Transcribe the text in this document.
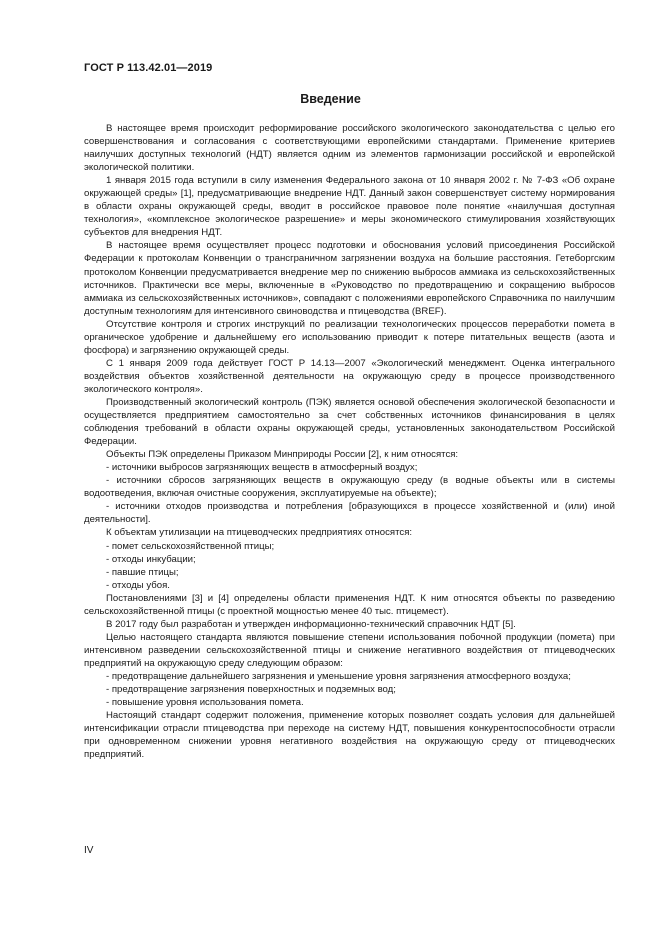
ГОСТ Р 113.42.01—2019
Введение

В настоящее время происходит реформирование российского экологического законодательства с целью его совершенствования и согласования с соответствующими европейскими стандартами. Применение критериев наилучших доступных технологий (НДТ) является одним из элементов гармонизации российской и европейской экологической политики.

1 января 2015 года вступили в силу изменения Федерального закона от 10 января 2002 г. № 7-ФЗ «Об охране окружающей среды» [1], предусматривающие внедрение НДТ. Данный закон совершенствует систему нормирования в области охраны окружающей среды, вводит в российское правовое поле понятие «наилучшая доступная технология», «комплексное экологическое разрешение» и меры экономического стимулирования хозяйствующих субъектов для внедрения НДТ.

В настоящее время осуществляет процесс подготовки и обоснования условий присоединения Российской Федерации к протоколам Конвенции о трансграничном загрязнении воздуха на большие расстояния. Гетеборгским протоколом Конвенции предусматривается внедрение мер по снижению выбросов аммиака из сельскохозяйственных источников. Практически все меры, включенные в «Руководство по предотвращению и сокращению выбросов аммиака из сельскохозяйственных источников», совпадают с положениями европейского Справочника по наилучшим доступным технологиям для интенсивного свиноводства и птицеводства (BREF).

Отсутствие контроля и строгих инструкций по реализации технологических процессов переработки помета в органическое удобрение и дальнейшему его использованию приводит к потере питательных веществ (азота и фосфора) и загрязнению окружающей среды.

С 1 января 2009 года действует ГОСТ Р 14.13—2007 «Экологический менеджмент. Оценка интегрального воздействия объектов хозяйственной деятельности на окружающую среду в процессе производственного экологического контроля».

Производственный экологический контроль (ПЭК) является основой обеспечения экологической безопасности и осуществляется предприятием самостоятельно за счет собственных источников финансирования в целях соблюдения требований в области охраны окружающей среды, установленных законодательством Российской Федерации.

Объекты ПЭК определены Приказом Минприроды России [2], к ним относятся:

- источники выбросов загрязняющих веществ в атмосферный воздух;

- источники сбросов загрязняющих веществ в окружающую среду (в водные объекты или в системы водоотведения, включая очистные сооружения, эксплуатируемые на объекте);

- источники отходов производства и потребления [образующихся в процессе хозяйственной и (или) иной деятельности].

К объектам утилизации на птицеводческих предприятиях относятся:

- помет сельскохозяйственной птицы;

- отходы инкубации;

- павшие птицы;

- отходы убоя.

Постановлениями [3] и [4] определены области применения НДТ. К ним относятся объекты по разведению сельскохозяйственной птицы (с проектной мощностью менее 40 тыс. птицемест).

В 2017 году был разработан и утвержден информационно-технический справочник НДТ [5].

Целью настоящего стандарта являются повышение степени использования побочной продукции (помета) при интенсивном разведении сельскохозяйственной птицы и снижение негативного воздействия от птицеводческих предприятий на окружающую среду следующим образом:

- предотвращение дальнейшего загрязнения и уменьшение уровня загрязнения атмосферного воздуха;

- предотвращение загрязнения поверхностных и подземных вод;

- повышение уровня использования помета.

Настоящий стандарт содержит положения, применение которых позволяет создать условия для дальнейшей интенсификации отрасли птицеводства при переходе на систему НДТ, повышения конкурентоспособности отрасли при одновременном снижении уровня негативного воздействия на окружающую среду от птицеводческих предприятий.

IV
